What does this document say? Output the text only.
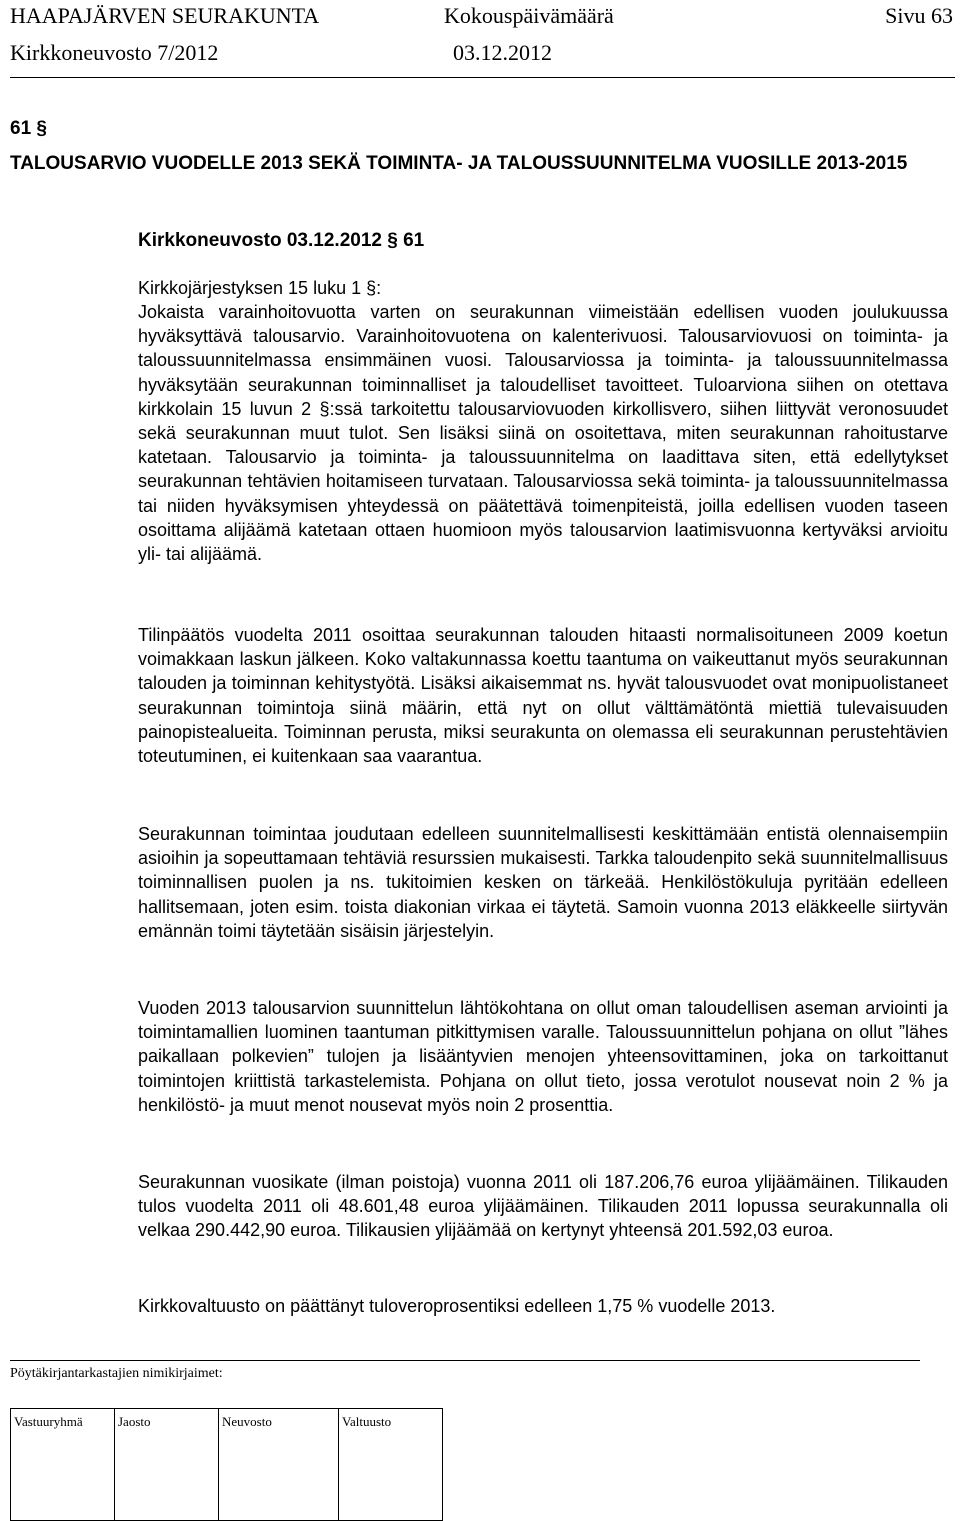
HAAPAJÄRVEN SEURAKUNTA	Kokouspäivämäärä	Sivu 63
Kirkkoneuvosto 7/2012	03.12.2012
61 §
TALOUSARVIO VUODELLE 2013 SEKÄ TOIMINTA- JA TALOUSSUUNNITELMA VUOSILLE 2013-2015
Kirkkoneuvosto 03.12.2012 § 61
Kirkkojärjestyksen 15 luku 1 §:
Jokaista varainhoitovuotta varten on seurakunnan viimeistään edellisen vuoden joulukuussa hyväksyttävä talousarvio. Varainhoitovuotena on kalenterivuosi. Talousarviovuosi on toiminta- ja taloussuunnitelmassa ensimmäinen vuosi. Talousarviossa ja toiminta- ja taloussuunnitelmassa hyväksytään seurakunnan toiminnalliset ja taloudelliset tavoitteet. Tuloarviona siihen on otettava kirkkolain 15 luvun 2 §:ssä tarkoitettu talousarviovuoden kirkollisvero, siihen liittyvät veronosuudet sekä seurakunnan muut tulot. Sen lisäksi siinä on osoitettava, miten seurakunnan rahoitustarve katetaan. Talousarvio ja toiminta- ja taloussuunnitelma on laadittava siten, että edellytykset seurakunnan tehtävien hoitamiseen turvataan. Talousarviossa sekä toiminta- ja taloussuunnitelmassa tai niiden hyväksymisen yhteydessä on päätettävä toimenpiteistä, joilla edellisen vuoden taseen osoittama alijäämä katetaan ottaen huomioon myös talousarvion laatimisvuonna kertyväksi arvioitu yli- tai alijäämä.
Tilinpäätös vuodelta 2011 osoittaa seurakunnan talouden hitaasti normalisoituneen 2009 koetun voimakkaan laskun jälkeen. Koko valtakunnassa koettu taantuma on vaikeuttanut myös seurakunnan talouden ja toiminnan kehitystyötä. Lisäksi aikaisemmat ns. hyvät talousvuodet ovat monipuolistaneet seurakunnan toimintoja siinä määrin, että nyt on ollut välttämätöntä miettiä tulevaisuuden painopistealueita. Toiminnan perusta, miksi seurakunta on olemassa eli seurakunnan perustehtävien toteutuminen, ei kuitenkaan saa vaarantua.
Seurakunnan toimintaa joudutaan edelleen suunnitelmallisesti keskittämään entistä olennaisempiin asioihin ja sopeuttamaan tehtäviä resurssien mukaisesti. Tarkka taloudenpito sekä suunnitelmallisuus toiminnallisen puolen ja ns. tukitoimien kesken on tärkeää. Henkilöstökuluja pyritään edelleen hallitsemaan, joten esim. toista diakonian virkaa ei täytetä. Samoin vuonna 2013 eläkkeelle siirtyvän emännän toimi täytetään sisäisin järjestelyin.
Vuoden 2013 talousarvion suunnittelun lähtökohtana on ollut oman taloudellisen aseman arviointi ja toimintamallien luominen taantuman pitkittymisen varalle. Taloussuunnittelun pohjana on ollut ”lähes paikallaan polkevien” tulojen ja lisääntyvien menojen yhteensovittaminen, joka on tarkoittanut toimintojen kriittistä tarkastelemista. Pohjana on ollut tieto, jossa verotulot nousevat noin 2 % ja henkilöstö- ja muut menot nousevat myös noin 2 prosenttia.
Seurakunnan vuosikate (ilman poistoja) vuonna 2011 oli 187.206,76 euroa ylijäämäinen. Tilikauden tulos vuodelta 2011 oli 48.601,48 euroa ylijäämäinen. Tilikauden 2011 lopussa seurakunnalla oli velkaa 290.442,90 euroa. Tilikausien ylijäämää on kertynyt yhteensä 201.592,03 euroa.
Kirkkovaltuusto on päättänyt tuloveroprosentiksi edelleen 1,75 % vuodelle 2013.
Pöytäkirjantarkastajien nimikirjaimet:
Vastuuryhmä	Jaosto	Neuvosto	Valtuusto
